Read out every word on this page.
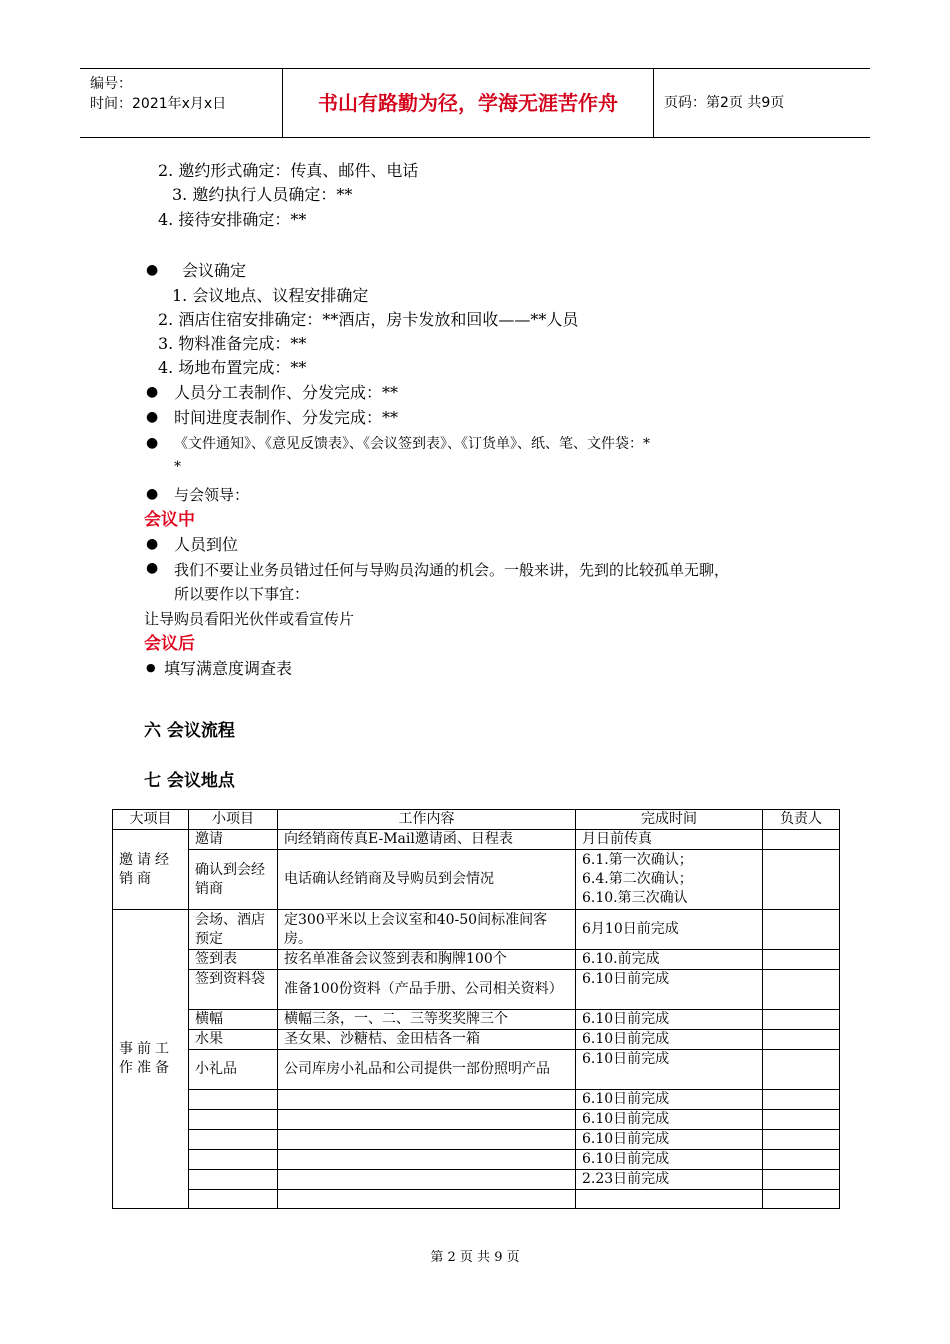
编号：
时间：2021年x月x日	书山有路勤为径，学海无涯苦作舟	页码：第2页 共9页
2. 邀约形式确定：传真、邮件、电话
3. 邀约执行人员确定：**
4. 接待安排确定：**
● 会议确定
1. 会议地点、议程安排确定
2. 酒店住宿安排确定：**酒店，房卡发放和回收——**人员
3. 物料准备完成：**
4. 场地布置完成：**
● 人员分工表制作、分发完成：**
● 时间进度表制作、分发完成：**
● 《文件通知》、《意见反馈表》、《会议签到表》、《订货单》、纸、笔、文件袋：*
*
● 与会领导：
会议中
● 人员到位
● 我们不要让业务员错过任何与导购员沟通的机会。一般来讲，先到的比较孤单无聊，
所以要作以下事宜：
让导购员看阳光伙伴或看宣传片
会议后
● 填写满意度调查表
六 会议流程
七 会议地点
大项目	小项目	工作内容	完成时间	负责人
邀请经销商	邀请	向经销商传真E-Mail邀请函、日程表	月日前传真	
	确认到会经销商	电话确认经销商及导购员到会情况	6.1.第一次确认；
6.4.第二次确认；
6.10.第三次确认	
事前工作准备	会场、酒店预定	定300平米以上会议室和40-50间标准间客房。	6月10日前完成	
	签到表	按名单准备会议签到表和胸牌100个	6.10.前完成	
	签到资料袋	准备100份资料（产品手册、公司相关资料）	6.10日前完成	
	横幅	横幅三条，一、二、三等奖奖牌三个	6.10日前完成	
	水果	圣女果、沙糖桔、金田桔各一箱	6.10日前完成	
	小礼品	公司库房小礼品和公司提供一部份照明产品	6.10日前完成	
			6.10日前完成	
			6.10日前完成	
			6.10日前完成	
			6.10日前完成	
			2.23日前完成	

第 2 页 共 9 页
